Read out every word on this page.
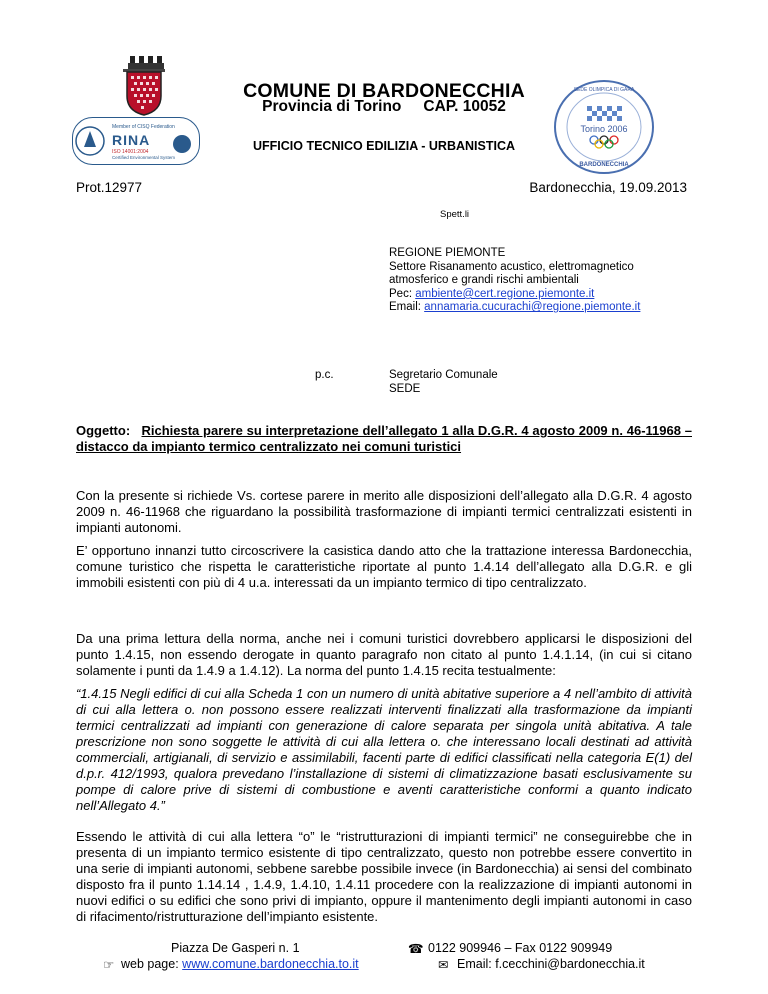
Member of CISQ Federation
RINA
ISO 14001:2004
Certified Environmental System
Torino 2006
BARDONECCHIA
SEDE OLIMPICA DI GARA
COMUNE DI BARDONECCHIA
Provincia di Torino CAP. 10052
UFFICIO TECNICO EDILIZIA - URBANISTICA
Prot.12977	Bardonecchia, 19.09.2013
Spett.li
REGIONE PIEMONTE
Settore Risanamento acustico, elettromagnetico
atmosferico e grandi rischi ambientali
Pec: ambiente@cert.regione.piemonte.it
Email: annamaria.cucurachi@regione.piemonte.it
p.c.	Segretario Comunale
SEDE
Oggetto: Richiesta parere su interpretazione dell’allegato 1 alla D.G.R. 4 agosto 2009 n. 46-11968 – distacco da impianto termico centralizzato nei comuni turistici
Con la presente si richiede Vs. cortese parere in merito alle disposizioni dell’allegato alla D.G.R. 4 agosto 2009 n. 46-11968 che riguardano la possibilità trasformazione di impianti termici centralizzati esistenti in impianti autonomi.
E’ opportuno innanzi tutto circoscrivere la casistica dando atto che la trattazione interessa Bardonecchia, comune turistico che rispetta le caratteristiche riportate al punto 1.4.14 dell’allegato alla D.G.R. e gli immobili esistenti con più di 4 u.a. interessati da un impianto termico di tipo centralizzato.
Da una prima lettura della norma, anche nei i comuni turistici dovrebbero applicarsi le disposizioni del punto 1.4.15, non essendo derogate in quanto paragrafo non citato al punto 1.4.1.14, (in cui si citano solamente i punti da 1.4.9 a 1.4.12). La norma del punto 1.4.15 recita testualmente:
“1.4.15 Negli edifici di cui alla Scheda 1 con un numero di unità abitative superiore a 4 nell’ambito di attività di cui alla lettera o. non possono essere realizzati interventi finalizzati alla trasformazione da impianti termici centralizzati ad impianti con generazione di calore separata per singola unità abitativa. A tale prescrizione non sono soggette le attività di cui alla lettera o. che interessano locali destinati ad attività commerciali, artigianali, di servizio e assimilabili, facenti parte di edifici classificati nella categoria E(1) del d.p.r. 412/1993, qualora prevedano l’installazione di sistemi di climatizzazione basati esclusivamente su pompe di calore prive di sistemi di combustione e aventi caratteristiche conformi a quanto indicato nell’Allegato 4.”
Essendo le attività di cui alla lettera “o” le “ristrutturazioni di impianti termici” ne conseguirebbe che in presenta di un impianto termico esistente di tipo centralizzato, questo non potrebbe essere convertito in una serie di impianti autonomi, sebbene sarebbe possibile invece (in Bardonecchia) ai sensi del combinato disposto fra il punto 1.14.14 , 1.4.9, 1.4.10, 1.4.11 procedere con la realizzazione di impianti autonomi in nuovi edifici o su edifici che sono privi di impianto, oppure il mantenimento degli impianti autonomi in caso di rifacimento/ristrutturazione dell’impianto esistente.
Piazza De Gasperi n. 1	☎ 0122 909946 – Fax 0122 909949
☞ web page: www.comune.bardonecchia.to.it	✉ Email: f.cecchini@bardonecchia.it
